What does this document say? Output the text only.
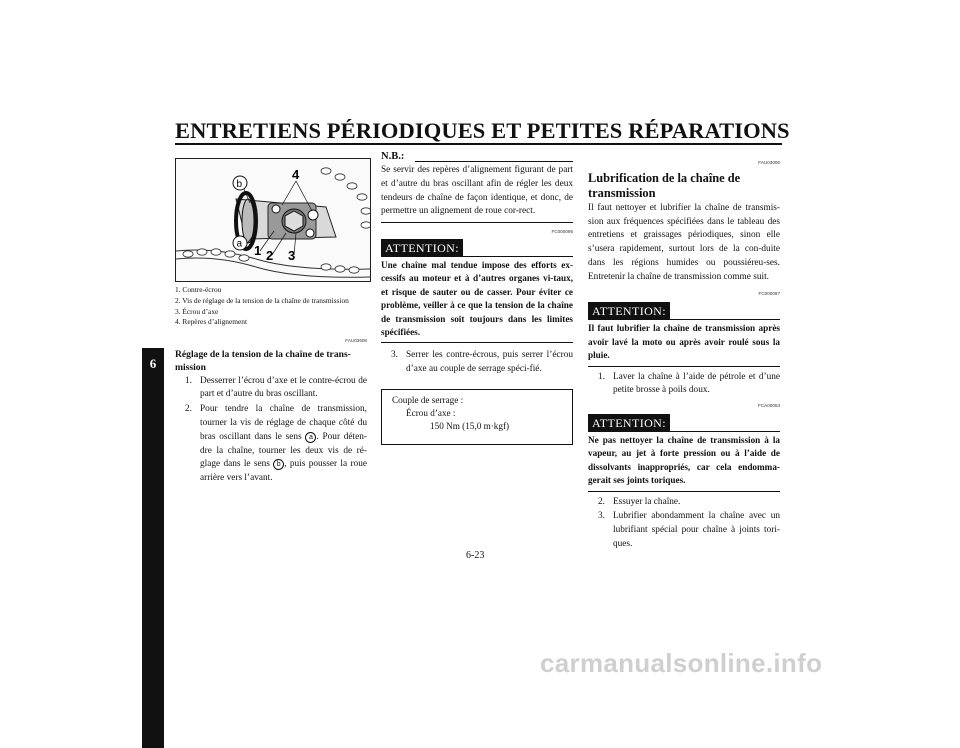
ENTRETIENS PÉRIODIQUES ET PETITES RÉPARATIONS
6
4
1 2 3
b
a
1. Contre-écrou
2. Vis de réglage de la tension de la chaîne de transmission
3. Écrou d’axe
4. Repères d’alignement
FAU03608
Réglage de la tension de la chaîne de trans-mission
1. Desserrer l’écrou d’axe et le contre-écrou de part et d’autre du bras oscillant.
2. Pour tendre la chaîne de transmission, tourner la vis de réglage de chaque côté du bras oscillant dans le sens a . Pour déten-dre la chaîne, tourner les deux vis de ré-glage dans le sens b , puis pousser la roue arrière vers l’avant.
N.B.:
Se servir des repères d’alignement figurant de part et d’autre du bras oscillant afin de régler les deux tendeurs de chaîne de façon identique, et donc, de permettre un alignement de roue cor-rect.
FC000096
ATTENTION:
Une chaîne mal tendue impose des efforts ex-cessifs au moteur et à d’autres organes vi-taux, et risque de sauter ou de casser. Pour éviter ce problème, veiller à ce que la tension de la chaîne de transmission soit toujours dans les limites spécifiées.
3. Serrer les contre-écrous, puis serrer l’écrou d’axe au couple de serrage spéci-fié.
Couple de serrage :
Écrou d’axe :
150 Nm (15,0 m·kgf)
FAU03006
Lubrification de la chaîne de transmission
Il faut nettoyer et lubrifier la chaîne de transmis-sion aux fréquences spécifiées dans le tableau des entretiens et graissages périodiques, sinon elle s’usera rapidement, surtout lors de la con-duite dans les régions humides ou poussiéreu-ses. Entretenir la chaîne de transmission comme suit.
FC000097
ATTENTION:
Il faut lubrifier la chaîne de transmission après avoir lavé la moto ou après avoir roulé sous la pluie.
1. Laver la chaîne à l’aide de pétrole et d’une petite brosse à poils doux.
FCA00053
ATTENTION:
Ne pas nettoyer la chaîne de transmission à la vapeur, au jet à forte pression ou à l’aide de dissolvants inappropriés, car cela endomma-gerait ses joints toriques.
2. Essuyer la chaîne.
3. Lubrifier abondamment la chaîne avec un lubrifiant spécial pour chaîne à joints tori-ques.
6-23
carmanualsonline.info
